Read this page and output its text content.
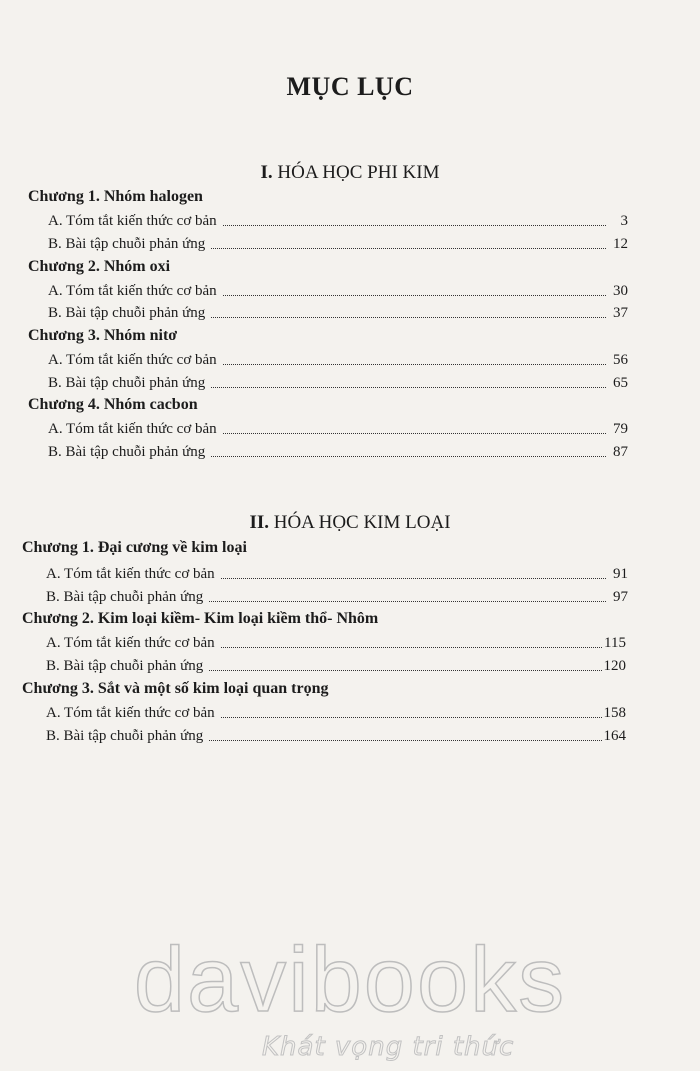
MỤC LỤC
I. HÓA HỌC PHI KIM
Chương 1. Nhóm halogen
A. Tóm tắt kiến thức cơ bản	3
B. Bài tập chuỗi phản ứng	12
Chương 2. Nhóm oxi
A. Tóm tắt kiến thức cơ bản	30
B. Bài tập chuỗi phản ứng	37
Chương 3. Nhóm nitơ
A. Tóm tắt kiến thức cơ bản	56
B. Bài tập chuỗi phản ứng	65
Chương 4. Nhóm cacbon
A. Tóm tắt kiến thức cơ bản	79
B. Bài tập chuỗi phản ứng	87
II. HÓA HỌC KIM LOẠI
Chương 1. Đại cương về kim loại
A. Tóm tắt kiến thức cơ bản	91
B. Bài tập chuỗi phản ứng	97
Chương 2. Kim loại kiềm- Kim loại kiềm thổ- Nhôm
A. Tóm tắt kiến thức cơ bản	115
B. Bài tập chuỗi phản ứng	120
Chương 3. Sắt và một số kim loại quan trọng
A. Tóm tắt kiến thức cơ bản	158
B. Bài tập chuỗi phản ứng	164
davibooks
Khát vọng tri thức
